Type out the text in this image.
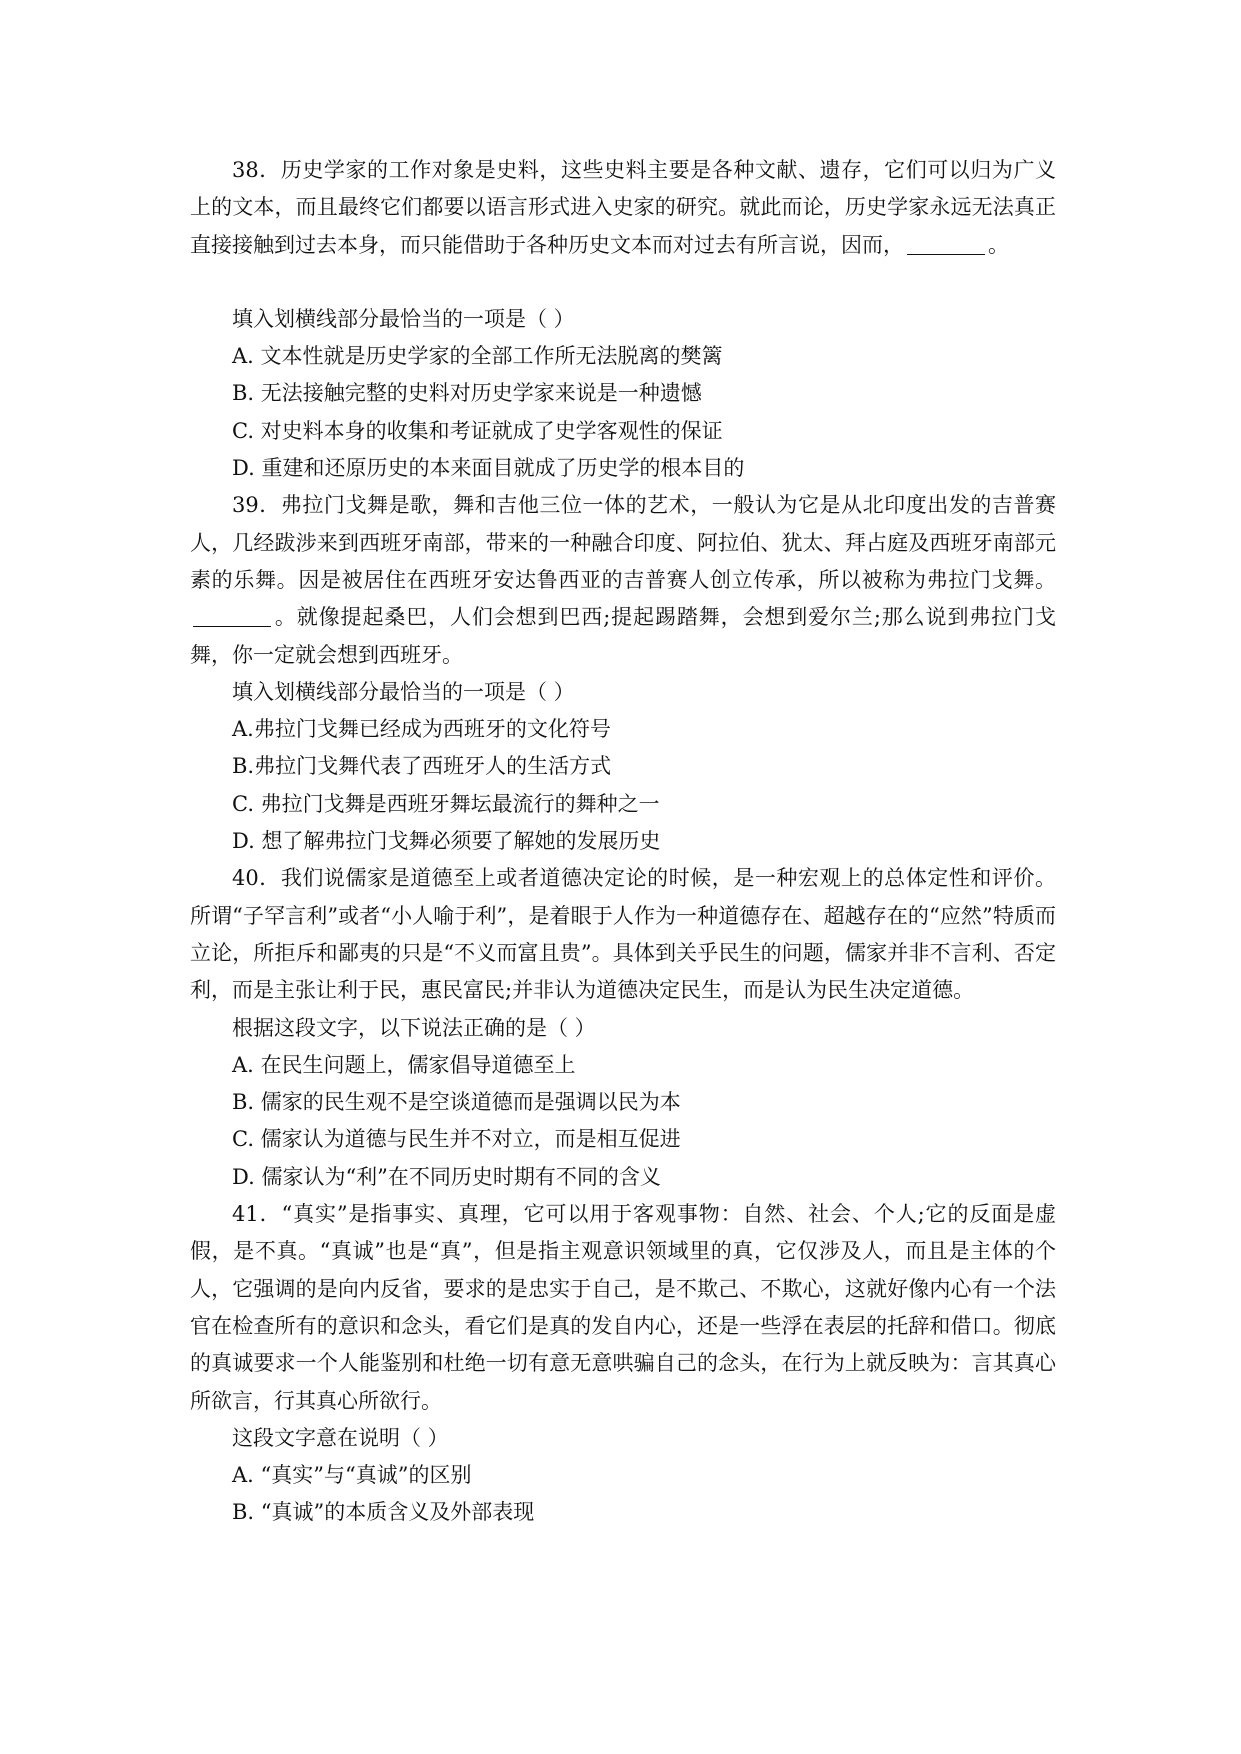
38．历史学家的工作对象是史料，这些史料主要是各种文献、遗存，它们可以归为广义上的文本，而且最终它们都要以语言形式进入史家的研究。就此而论，历史学家永远无法真正直接接触到过去本身，而只能借助于各种历史文本而对过去有所言说，因而，	。

填入划横线部分最恰当的一项是（ ）

A. 文本性就是历史学家的全部工作所无法脱离的樊篱

B. 无法接触完整的史料对历史学家来说是一种遗憾

C. 对史料本身的收集和考证就成了史学客观性的保证

D. 重建和还原历史的本来面目就成了历史学的根本目的

39．弗拉门戈舞是歌，舞和吉他三位一体的艺术，一般认为它是从北印度出发的吉普赛人，几经跋涉来到西班牙南部，带来的一种融合印度、阿拉伯、犹太、拜占庭及西班牙南部元素的乐舞。因是被居住在西班牙安达鲁西亚的吉普赛人创立传承，所以被称为弗拉门戈舞。。就像提起桑巴，人们会想到巴西;提起踢踏舞，会想到爱尔兰;那么说到弗拉门戈舞，你一定就会想到西班牙。

填入划横线部分最恰当的一项是（ ）

A.弗拉门戈舞已经成为西班牙的文化符号

B.弗拉门戈舞代表了西班牙人的生活方式

C. 弗拉门戈舞是西班牙舞坛最流行的舞种之一

D. 想了解弗拉门戈舞必须要了解她的发展历史

40．我们说儒家是道德至上或者道德决定论的时候，是一种宏观上的总体定性和评价。所谓“子罕言利”或者“小人喻于利”，是着眼于人作为一种道德存在、超越存在的“应然”特质而立论，所拒斥和鄙夷的只是“不义而富且贵”。具体到关乎民生的问题，儒家并非不言利、否定利，而是主张让利于民，惠民富民;并非认为道德决定民生，而是认为民生决定道德。

根据这段文字，以下说法正确的是（ ）

A. 在民生问题上，儒家倡导道德至上

B. 儒家的民生观不是空谈道德而是强调以民为本

C. 儒家认为道德与民生并不对立，而是相互促进

D. 儒家认为“利”在不同历史时期有不同的含义

41．“真实”是指事实、真理，它可以用于客观事物：自然、社会、个人;它的反面是虚假，是不真。“真诚”也是“真”，但是指主观意识领域里的真，它仅涉及人，而且是主体的个人，它强调的是向内反省，要求的是忠实于自己，是不欺己、不欺心，这就好像内心有一个法官在检查所有的意识和念头，看它们是真的发自内心，还是一些浮在表层的托辞和借口。彻底的真诚要求一个人能鉴别和杜绝一切有意无意哄骗自己的念头，在行为上就反映为：言其真心所欲言，行其真心所欲行。

这段文字意在说明（ ）

A. “真实”与“真诚”的区别

B. “真诚”的本质含义及外部表现
